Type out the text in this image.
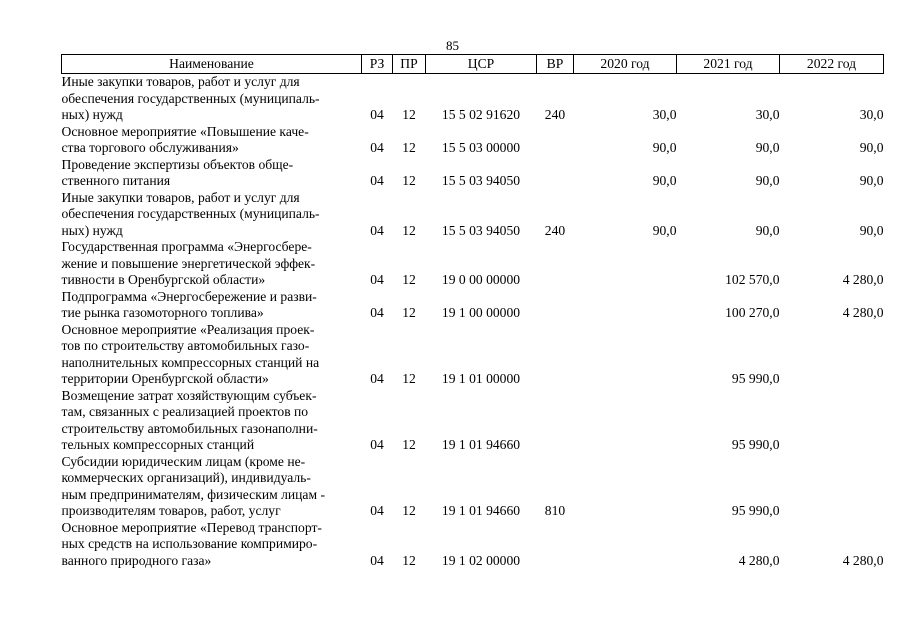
85
Наименование	РЗ	ПР	ЦСР	ВР	2020 год	2021 год	2022 год
Иные закупки товаров, работ и услуг для
обеспечения государственных (муниципаль-
ных) нужд	04	12	15 5 02 91620	240	30,0	30,0	30,0
Основное мероприятие «Повышение каче-
ства торгового обслуживания»	04	12	15 5 03 00000		90,0	90,0	90,0
Проведение экспертизы объектов обще-
ственного питания	04	12	15 5 03 94050		90,0	90,0	90,0
Иные закупки товаров, работ и услуг для
обеспечения государственных (муниципаль-
ных) нужд	04	12	15 5 03 94050	240	90,0	90,0	90,0
Государственная программа «Энергосбере-
жение и повышение энергетической эффек-
тивности в Оренбургской области»	04	12	19 0 00 00000			102 570,0	4 280,0
Подпрограмма «Энергосбережение и разви-
тие рынка газомоторного топлива»	04	12	19 1 00 00000			100 270,0	4 280,0
Основное мероприятие «Реализация проек-
тов по строительству автомобильных газо-
наполнительных компрессорных станций на
территории Оренбургской области»	04	12	19 1 01 00000			95 990,0	
Возмещение затрат хозяйствующим субъек-
там, связанных с реализацией проектов по
строительству автомобильных газонаполни-
тельных компрессорных станций	04	12	19 1 01 94660			95 990,0	
Субсидии юридическим лицам (кроме не-
коммерческих организаций), индивидуаль-
ным предпринимателям, физическим лицам -
производителям товаров, работ, услуг	04	12	19 1 01 94660	810		95 990,0	
Основное мероприятие «Перевод транспорт-
ных средств на использование компримиро-
ванного природного газа»	04	12	19 1 02 00000			4 280,0	4 280,0
